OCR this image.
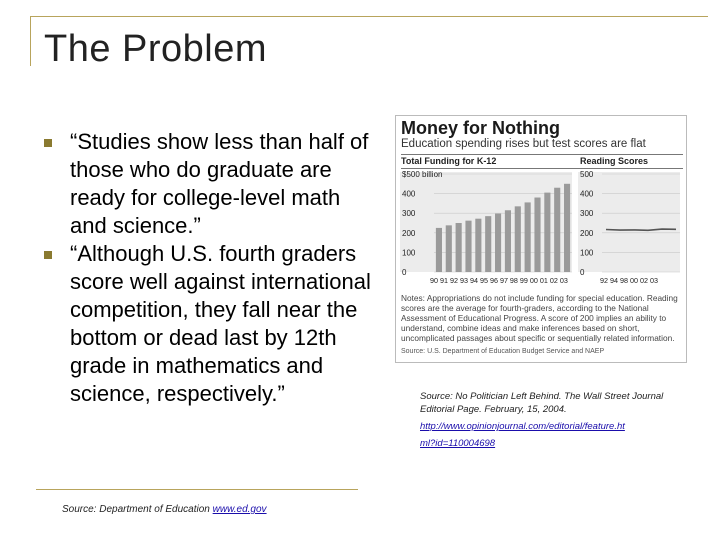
The Problem
“Studies show less than half of those who do graduate are ready for college-level math and science.”
“Although U.S. fourth graders score well against international competition, they fall near the bottom or dead last by 12th grade in mathematics and science, respectively.”
Source: Department of Education www.ed.gov
Money for Nothing
Education spending rises but test scores are flat
Total Funding for K-12	Reading Scores
$500 billion
400
300
200
100
0
90 91 92 93 94 95 96 97 98 99 00 01 02 03
500
400
300
200
100
0
92 94 98 00 02 03
Notes: Appropriations do not include funding for special education. Reading scores are the average for fourth-graders, according to the National Assessment of Educational Progress. A score of 200 implies an ability to understand, combine ideas and make inferences based on short, uncomplicated passages about specific or sequentially related information.
Source: U.S. Department of Education Budget Service and NAEP
Source: No Politician Left Behind. The Wall Street Journal Editorial Page. February, 15, 2004.
http://www.opinionjournal.com/editorial/feature.ht
ml?id=110004698
